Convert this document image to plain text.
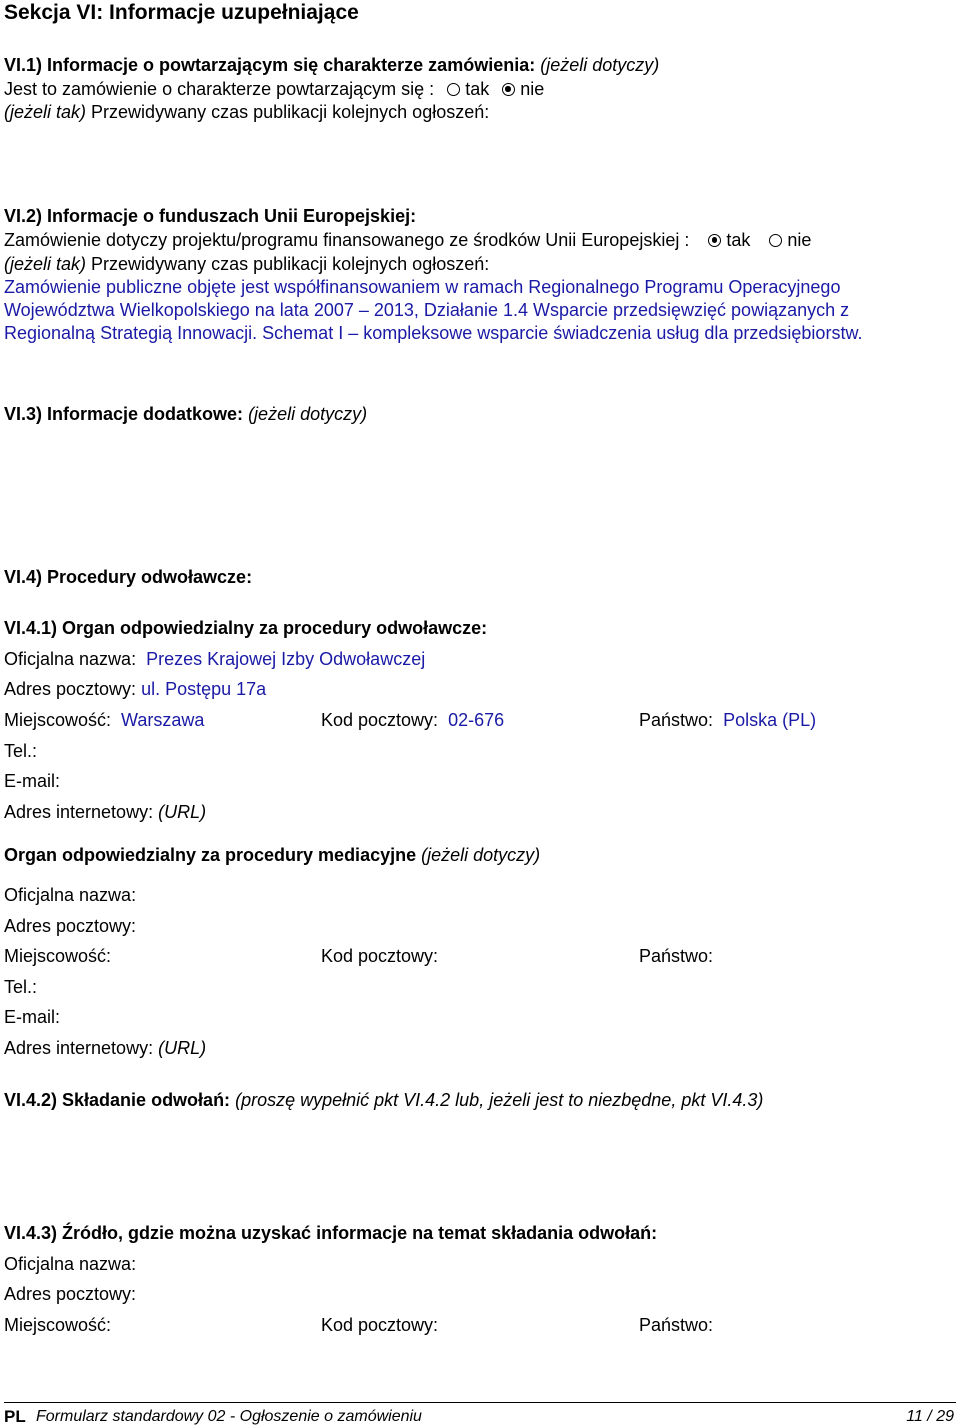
Sekcja VI: Informacje uzupełniające
VI.1) Informacje o powtarzającym się charakterze zamówienia: (jeżeli dotyczy)
Jest to zamówienie o charakterze powtarzającym się : tak nie
(jeżeli tak) Przewidywany czas publikacji kolejnych ogłoszeń:
VI.2) Informacje o funduszach Unii Europejskiej:
Zamówienie dotyczy projektu/programu finansowanego ze środków Unii Europejskiej : tak nie
(jeżeli tak) Przewidywany czas publikacji kolejnych ogłoszeń:
Zamówienie publiczne objęte jest współfinansowaniem w ramach Regionalnego Programu Operacyjnego
Województwa Wielkopolskiego na lata 2007 – 2013, Działanie 1.4 Wsparcie przedsięwzięć powiązanych z
Regionalną Strategią Innowacji. Schemat I – kompleksowe wsparcie świadczenia usług dla przedsiębiorstw.
VI.3) Informacje dodatkowe: (jeżeli dotyczy)
VI.4) Procedury odwoławcze:
VI.4.1) Organ odpowiedzialny za procedury odwoławcze:
Oficjalna nazwa: Prezes Krajowej Izby Odwoławczej
Adres pocztowy: ul. Postępu 17a
Miejscowość: Warszawa	Kod pocztowy: 02-676	Państwo: Polska (PL)
Tel.:
E-mail:
Adres internetowy: (URL)
Organ odpowiedzialny za procedury mediacyjne (jeżeli dotyczy)
Oficjalna nazwa:
Adres pocztowy:
Miejscowość:	Kod pocztowy:	Państwo:
Tel.:
E-mail:
Adres internetowy: (URL)
VI.4.2) Składanie odwołań: (proszę wypełnić pkt VI.4.2 lub, jeżeli jest to niezbędne, pkt VI.4.3)
VI.4.3) Źródło, gdzie można uzyskać informacje na temat składania odwołań:
Oficjalna nazwa:
Adres pocztowy:
Miejscowość:	Kod pocztowy:	Państwo:
PL Formularz standardowy 02 - Ogłoszenie o zamówieniu	11 / 29
